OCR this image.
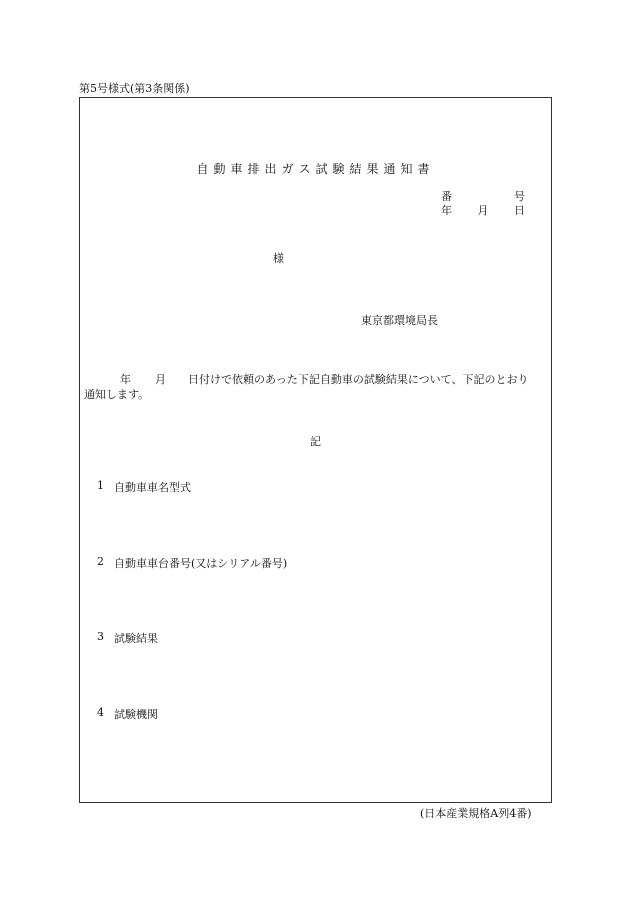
第5号様式(第3条関係)
自動車排出ガス試験結果通知書
番	号
年 月 日
様
東京都環境局長
年 月 日付けで依頼のあった下記自動車の試験結果について、下記のとおり
通知します。
記
1 自動車車名型式
2 自動車車台番号(又はシリアル番号)
3 試験結果
4 試験機関
(日本産業規格A列4番)
